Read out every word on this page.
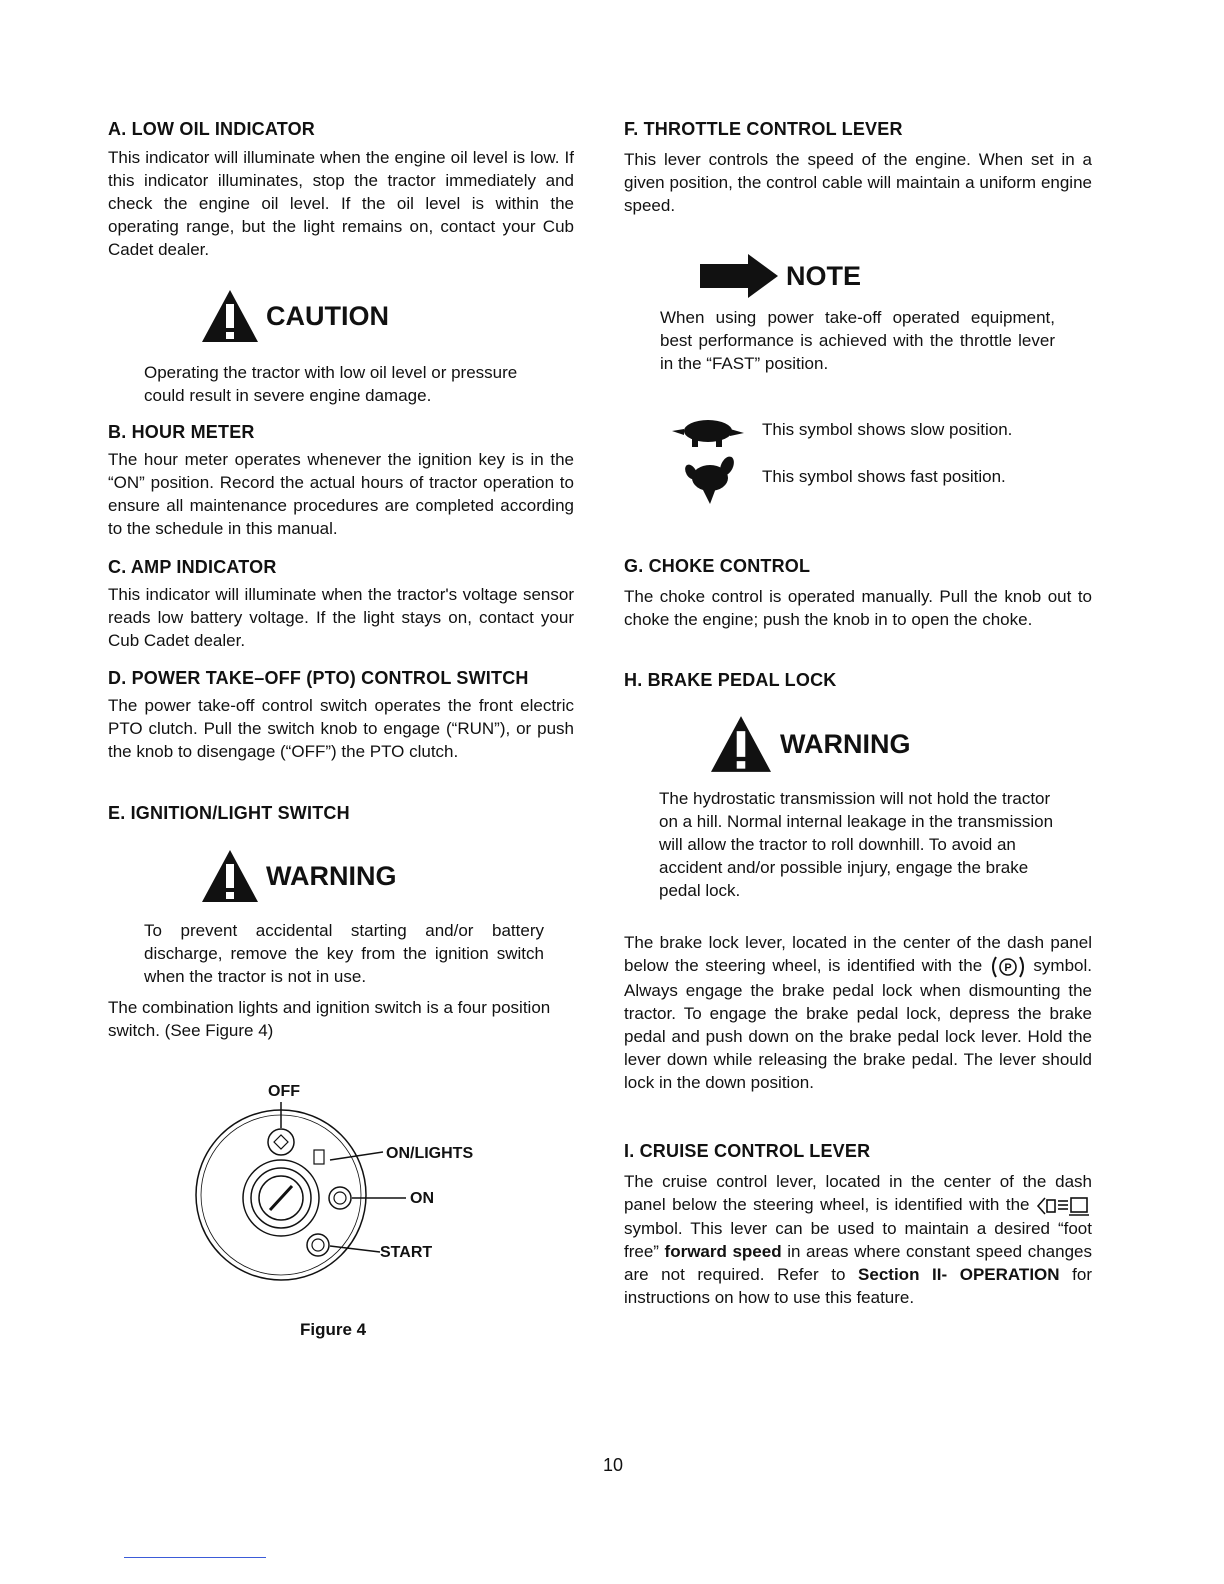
A. LOW OIL INDICATOR
This indicator will illuminate when the engine oil level is low. If this indicator illuminates, stop the tractor immediately and check the engine oil level. If the oil level is within the operating range, but the light remains on, contact your Cub Cadet dealer.
CAUTION
Operating the tractor with low oil level or pressure could result in severe engine damage.
B. HOUR METER
The hour meter operates whenever the ignition key is in the “ON” position. Record the actual hours of tractor operation to ensure all maintenance procedures are completed according to the schedule in this manual.
C. AMP INDICATOR
This indicator will illuminate when the tractor's voltage sensor reads low battery voltage. If the light stays on, contact your Cub Cadet dealer.
D. POWER TAKE–OFF (PTO) CONTROL SWITCH
The power take-off control switch operates the front electric PTO clutch. Pull the switch knob to engage (“RUN”), or push the knob to disengage (“OFF”) the PTO clutch.
E. IGNITION/LIGHT SWITCH
WARNING
To prevent accidental starting and/or battery discharge, remove the key from the ignition switch when the tractor is not in use.
The combination lights and ignition switch is a four position switch. (See Figure 4)
OFF
ON/LIGHTS
ON
START
Figure 4
F. THROTTLE CONTROL LEVER
This lever controls the speed of the engine. When set in a given position, the control cable will maintain a uniform engine speed.
NOTE
When using power take-off operated equipment, best performance is achieved with the throttle lever in the “FAST” position.
This symbol shows slow position.
This symbol shows fast position.
G. CHOKE CONTROL
The choke control is operated manually. Pull the knob out to choke the engine; push the knob in to open the choke.
H. BRAKE PEDAL LOCK
WARNING
The hydrostatic transmission will not hold the tractor on a hill. Normal internal leakage in the transmission will allow the tractor to roll downhill. To avoid an accident and/or possible injury, engage the brake pedal lock.
The brake lock lever, located in the center of the dash panel below the steering wheel, is identified with the P symbol. Always engage the brake pedal lock when dismounting the tractor. To engage the brake pedal lock, depress the brake pedal and push down on the brake pedal lock lever. Hold the lever down while releasing the brake pedal. The lever should lock in the down position.
I. CRUISE CONTROL LEVER
The cruise control lever, located in the center of the dash panel below the steering wheel, is identified with the  symbol. This lever can be used to maintain a desired “foot free” forward speed in areas where constant speed changes are not required. Refer to Section II- OPERATION for instructions on how to use this feature.
10
